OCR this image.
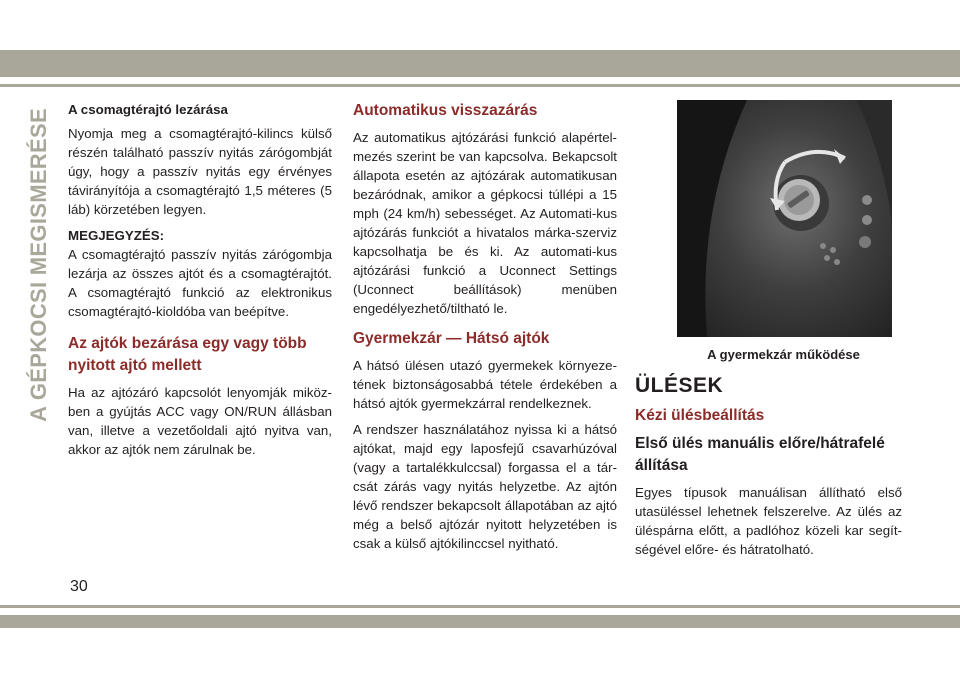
A GÉPKOCSI MEGISMERÉSE A csomagtérajtó lezárása

Nyomja meg a csomagtérajtó-kilincs külső részén található passzív nyitás zárógombját úgy, hogy a passzív nyitás egy érvényes távirányítója a csomagtérajtó 1,5 méteres (5 láb) körzetében legyen.

MEGJEGYZÉS:

A csomagtérajtó passzív nyitás zárógombja lezárja az összes ajtót és a csomagtérajtót. A csomagtérajtó funkció az elektronikus csomagtérajtó-kioldóba van beépítve.

Az ajtók bezárása egy vagy több nyitott ajtó mellett

Ha az ajtózáró kapcsolót lenyomják miköz-ben a gyújtás ACC vagy ON/RUN állásban van, illetve a vezetőoldali ajtó nyitva van, akkor az ajtók nem zárulnak be.

Automatikus visszazárás

Az automatikus ajtózárási funkció alapértel-mezés szerint be van kapcsolva. Bekapcsolt állapota esetén az ajtózárak automatikusan bezáródnak, amikor a gépkocsi túllépi a 15 mph (24 km/h) sebességet. Az Automati-kus ajtózárás funkciót a hivatalos márka-szerviz kapcsolhatja be és ki. Az automati-kus ajtózárási funkció a Uconnect Settings (Uconnect beállítások) menüben engedélyezhető/tiltható le.

Gyermekzár — Hátsó ajtók

A hátsó ülésen utazó gyermekek környeze-tének biztonságosabbá tétele érdekében a hátsó ajtók gyermekzárral rendelkeznek.

A rendszer használatához nyissa ki a hátsó ajtókat, majd egy laposfejű csavarhúzóval (vagy a tartalékkulccsal) forgassa el a tár-csát zárás vagy nyitás helyzetbe. Az ajtón lévő rendszer bekapcsolt állapotában az ajtó még a belső ajtózár nyitott helyzetében is csak a külső ajtókilinccsel nyitható.

A gyermekzár működése
ÜLÉSEK
Kézi ülésbeállítás
Első ülés manuális előre/hátrafelé állítása

Egyes típusok manuálisan állítható első utasüléssel lehetnek felszerelve. Az ülés az üléspárna előtt, a padlóhoz közeli kar segít-ségével előre- és hátratolható.

30
